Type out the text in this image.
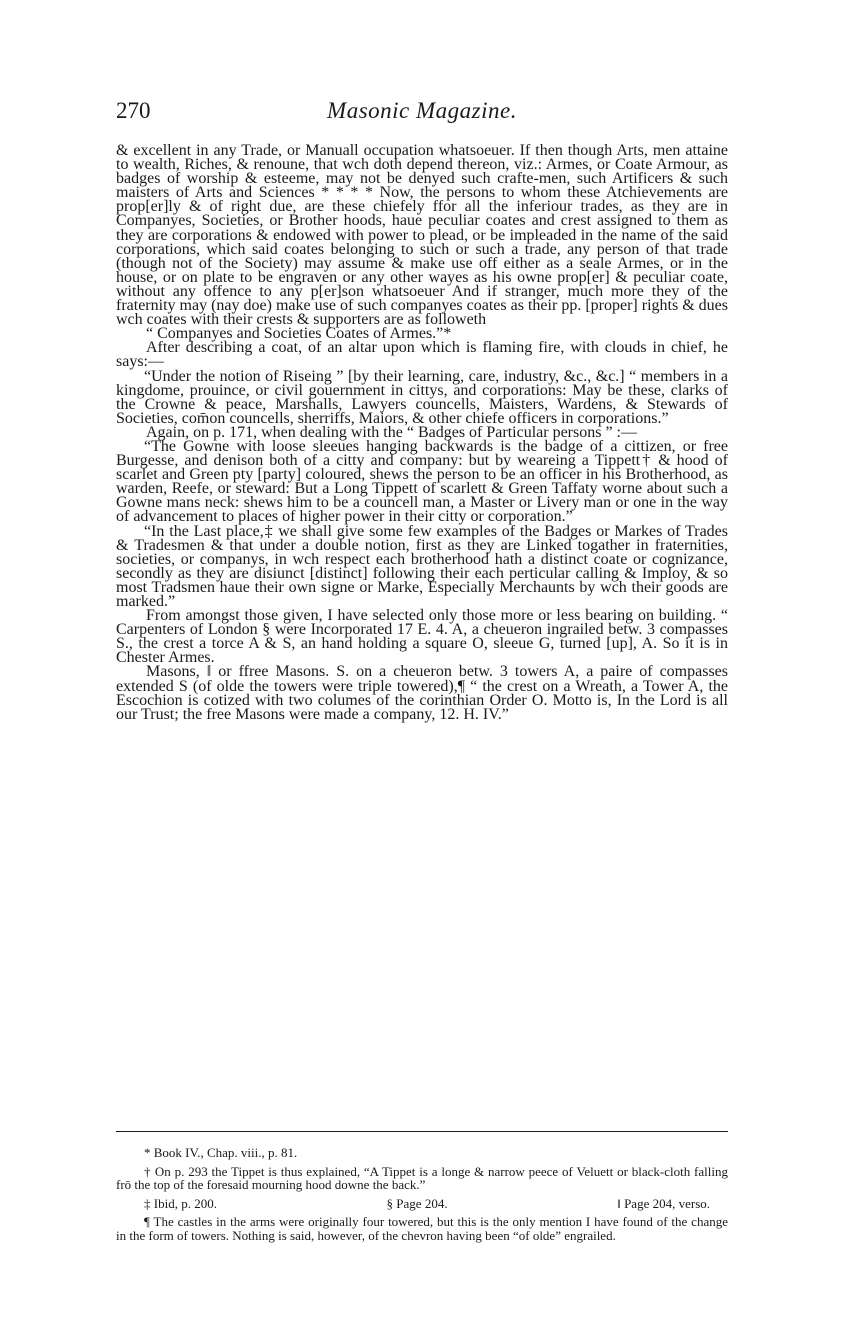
270	Masonic Magazine.

& excellent in any Trade, or Manuall occupation whatsoeuer. If then though Arts, men attaine to wealth, Riches, & renoune, that wch doth depend thereon, viz.: Armes, or Coate Armour, as badges of worship & esteeme, may not be denyed such crafte-men, such Artificers & such maisters of Arts and Sciences * * * * Now, the persons to whom these Atchievements are prop[er]ly & of right due, are these chiefely ffor all the inferiour trades, as they are in Companyes, Societies, or Brother hoods, haue peculiar coates and crest assigned to them as they are corporations & endowed with power to plead, or be impleaded in the name of the said corporations, which said coates belonging to such or such a trade, any person of that trade (though not of the Society) may assume & make use off either as a seale Armes, or in the house, or on plate to be engraven or any other wayes as his owne prop[er] & peculiar coate, without any offence to any p[er]son whatsoeuer And if stranger, much more they of the fraternity may (nay doe) make use of such companyes coates as their pp. [proper] rights & dues wch coates with their crests & supporters are as followeth

“ Companyes and Societies Coates of Armes.”*

After describing a coat, of an altar upon which is flaming fire, with clouds in chief, he says:—

“Under the notion of Riseing ” [by their learning, care, industry, &c., &c.] “ members in a kingdome, prouince, or civil gouernment in cittys, and corporations: May be these, clarks of the Crowne & peace, Marshalls, Lawyers councells, Maisters, Wardens, & Stewards of Societies, com̄on councells, sherriffs, Maiors, & other chiefe officers in corporations.”

Again, on p. 171, when dealing with the “ Badges of Particular persons ” :—

“The Gowne with loose sleeues hanging backwards is the badge of a cittizen, or free Burgesse, and denison both of a citty and company: but by weareing a Tippett† & hood of scarlet and Green pty [party] coloured, shews the person to be an officer in his Brotherhood, as warden, Reefe, or steward: But a Long Tippett of scarlett & Green Taffaty worne about such a Gowne mans neck: shews him to be a councell man, a Master or Livery man or one in the way of advancement to places of higher power in their citty or corporation.”

“In the Last place,‡ we shall give some few examples of the Badges or Markes of Trades & Tradesmen & that under a double notion, first as they are Linked togather in fraternities, societies, or companys, in wch respect each brotherhood hath a distinct coate or cognizance, secondly as they are disiunct [distinct] following their each perticular calling & Imploy, & so most Tradsmen haue their own signe or Marke, Especially Merchaunts by wch their goods are marked.”

From amongst those given, I have selected only those more or less bearing on building. “ Carpenters of London § were Incorporated 17 E. 4. A, a cheueron ingrailed betw. 3 compasses S., the crest a torce A & S, an hand holding a square O, sleeue G, turned [up], A. So it is in Chester Armes.

Masons, ‖ or ffree Masons. S. on a cheueron betw. 3 towers A, a paire of compasses extended S (of olde the towers were triple towered),¶ “ the crest on a Wreath, a Tower A, the Escochion is cotized with two columes of the corinthian Order O. Motto is, In the Lord is all our Trust; the free Masons were made a company, 12. H. IV.”

* Book IV., Chap. viii., p. 81.

† On p. 293 the Tippet is thus explained, “A Tippet is a longe & narrow peece of Veluett or black-cloth falling frō the top of the foresaid mourning hood downe the back.”

‡ Ibid, p. 200.	§ Page 204.	‖ Page 204, verso.

¶ The castles in the arms were originally four towered, but this is the only mention I have found of the change in the form of towers. Nothing is said, however, of the chevron having been “of olde” engrailed.
